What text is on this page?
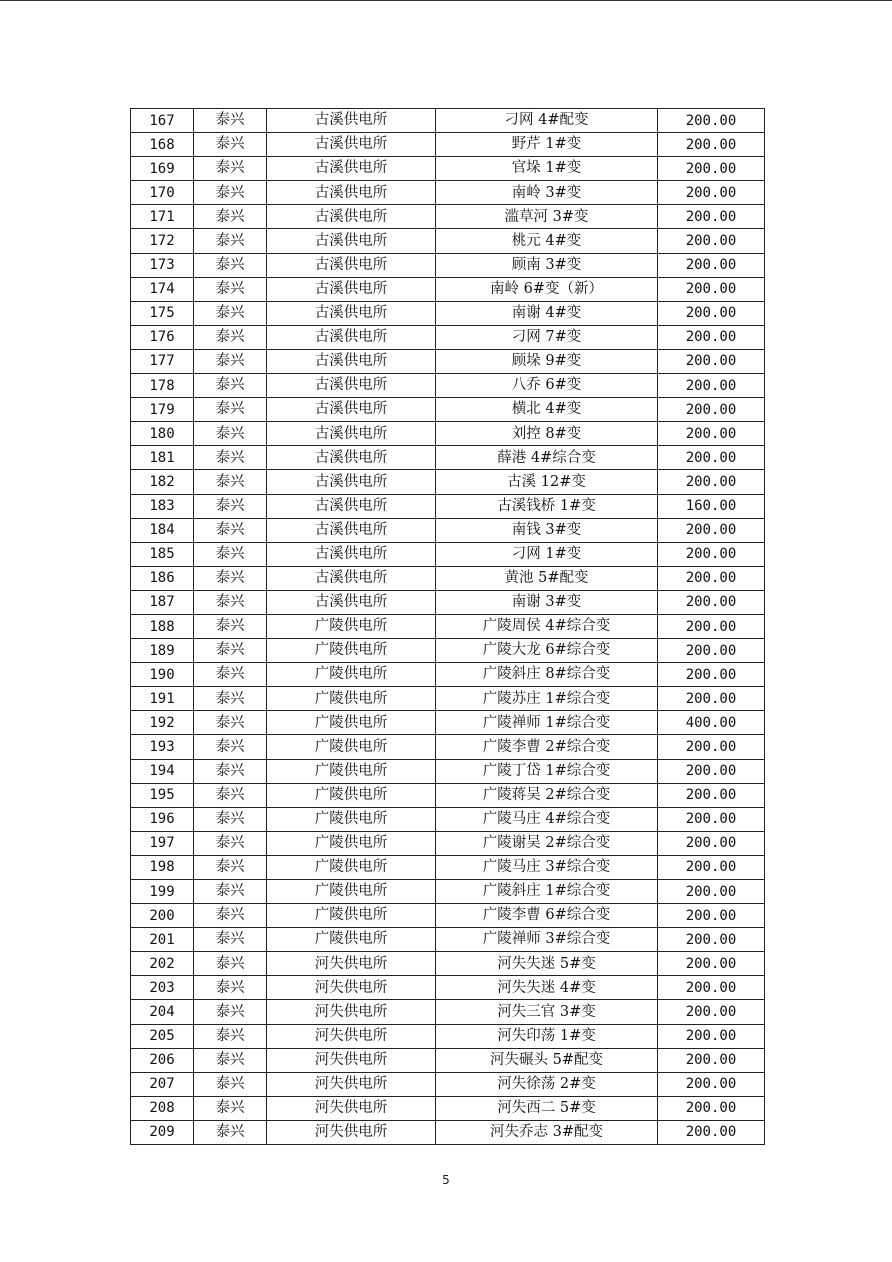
167	泰兴	古溪供电所	刁网 4#配变	200.00
168	泰兴	古溪供电所	野芹 1#变	200.00
169	泰兴	古溪供电所	官垛 1#变	200.00
170	泰兴	古溪供电所	南岭 3#变	200.00
171	泰兴	古溪供电所	滥草河 3#变	200.00
172	泰兴	古溪供电所	桃元 4#变	200.00
173	泰兴	古溪供电所	顾南 3#变	200.00
174	泰兴	古溪供电所	南岭 6#变（新）	200.00
175	泰兴	古溪供电所	南谢 4#变	200.00
176	泰兴	古溪供电所	刁网 7#变	200.00
177	泰兴	古溪供电所	顾垛 9#变	200.00
178	泰兴	古溪供电所	八乔 6#变	200.00
179	泰兴	古溪供电所	横北 4#变	200.00
180	泰兴	古溪供电所	刘控 8#变	200.00
181	泰兴	古溪供电所	薛港 4#综合变	200.00
182	泰兴	古溪供电所	古溪 12#变	200.00
183	泰兴	古溪供电所	古溪钱桥 1#变	160.00
184	泰兴	古溪供电所	南钱 3#变	200.00
185	泰兴	古溪供电所	刁网 1#变	200.00
186	泰兴	古溪供电所	黄池 5#配变	200.00
187	泰兴	古溪供电所	南谢 3#变	200.00
188	泰兴	广陵供电所	广陵周侯 4#综合变	200.00
189	泰兴	广陵供电所	广陵大龙 6#综合变	200.00
190	泰兴	广陵供电所	广陵斜庄 8#综合变	200.00
191	泰兴	广陵供电所	广陵苏庄 1#综合变	200.00
192	泰兴	广陵供电所	广陵禅师 1#综合变	400.00
193	泰兴	广陵供电所	广陵李曹 2#综合变	200.00
194	泰兴	广陵供电所	广陵丁岱 1#综合变	200.00
195	泰兴	广陵供电所	广陵蒋吴 2#综合变	200.00
196	泰兴	广陵供电所	广陵马庄 4#综合变	200.00
197	泰兴	广陵供电所	广陵谢吴 2#综合变	200.00
198	泰兴	广陵供电所	广陵马庄 3#综合变	200.00
199	泰兴	广陵供电所	广陵斜庄 1#综合变	200.00
200	泰兴	广陵供电所	广陵李曹 6#综合变	200.00
201	泰兴	广陵供电所	广陵禅师 3#综合变	200.00
202	泰兴	河失供电所	河失失迷 5#变	200.00
203	泰兴	河失供电所	河失失迷 4#变	200.00
204	泰兴	河失供电所	河失三官 3#变	200.00
205	泰兴	河失供电所	河失印荡 1#变	200.00
206	泰兴	河失供电所	河失碾头 5#配变	200.00
207	泰兴	河失供电所	河失徐荡 2#变	200.00
208	泰兴	河失供电所	河失西二 5#变	200.00
209	泰兴	河失供电所	河失乔志 3#配变	200.00
5
